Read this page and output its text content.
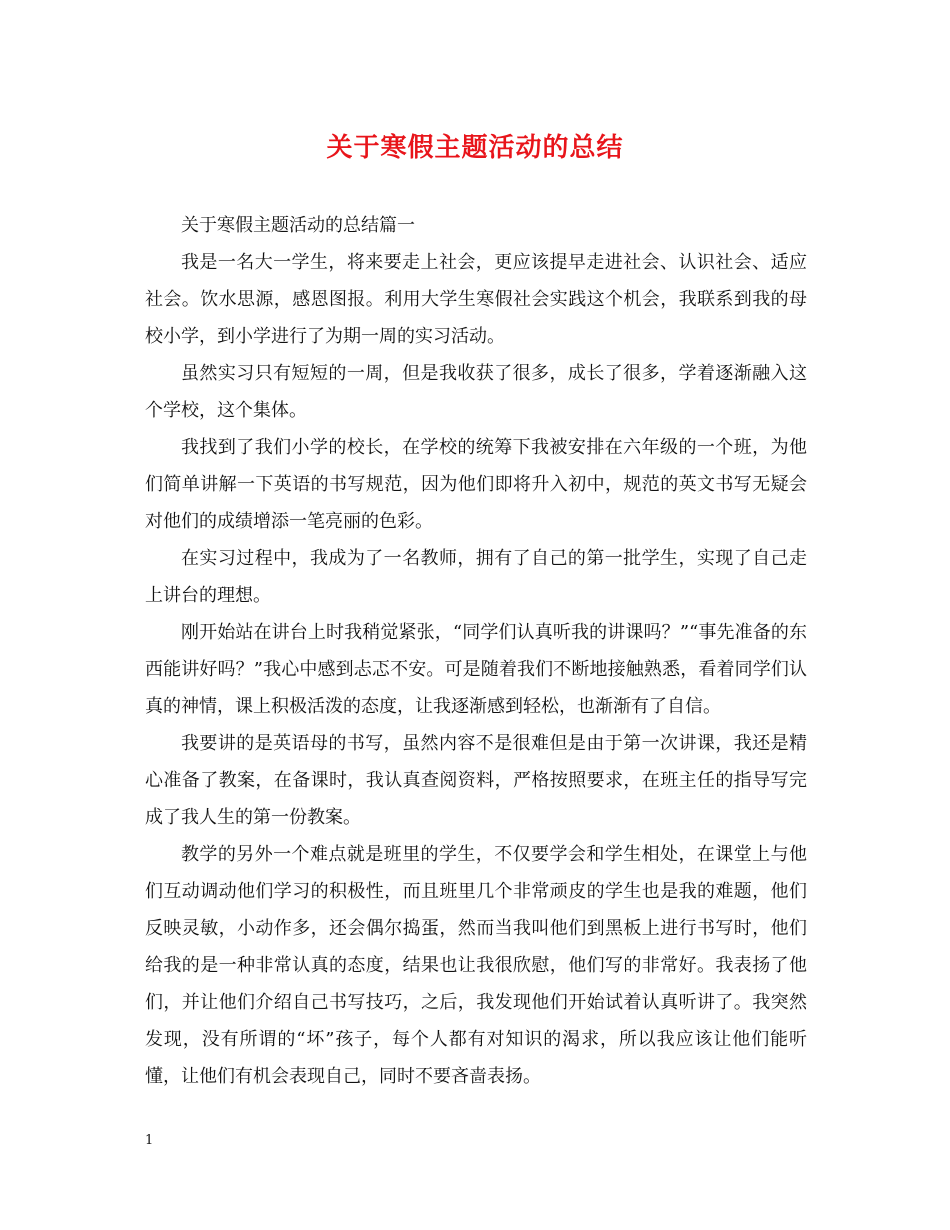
关于寒假主题活动的总结

关于寒假主题活动的总结篇一

我是一名大一学生，将来要走上社会，更应该提早走进社会、认识社会、适应社会。饮水思源，感恩图报。利用大学生寒假社会实践这个机会，我联系到我的母校小学，到小学进行了为期一周的实习活动。

虽然实习只有短短的一周，但是我收获了很多，成长了很多，学着逐渐融入这个学校，这个集体。

我找到了我们小学的校长，在学校的统筹下我被安排在六年级的一个班，为他们简单讲解一下英语的书写规范，因为他们即将升入初中，规范的英文书写无疑会对他们的成绩增添一笔亮丽的色彩。

在实习过程中，我成为了一名教师，拥有了自己的第一批学生，实现了自己走上讲台的理想。

刚开始站在讲台上时我稍觉紧张，“同学们认真听我的讲课吗？”“事先准备的东西能讲好吗？”我心中感到忐忑不安。可是随着我们不断地接触熟悉，看着同学们认真的神情，课上积极活泼的态度，让我逐渐感到轻松，也渐渐有了自信。

我要讲的是英语母的书写，虽然内容不是很难但是由于第一次讲课，我还是精心准备了教案，在备课时，我认真查阅资料，严格按照要求，在班主任的指导写完成了我人生的第一份教案。

教学的另外一个难点就是班里的学生，不仅要学会和学生相处，在课堂上与他们互动调动他们学习的积极性，而且班里几个非常顽皮的学生也是我的难题，他们反映灵敏，小动作多，还会偶尔捣蛋，然而当我叫他们到黑板上进行书写时，他们给我的是一种非常认真的态度，结果也让我很欣慰，他们写的非常好。我表扬了他们，并让他们介绍自己书写技巧，之后，我发现他们开始试着认真听讲了。我突然发现，没有所谓的“坏”孩子，每个人都有对知识的渴求，所以我应该让他们能听懂，让他们有机会表现自己，同时不要吝啬表扬。

1
